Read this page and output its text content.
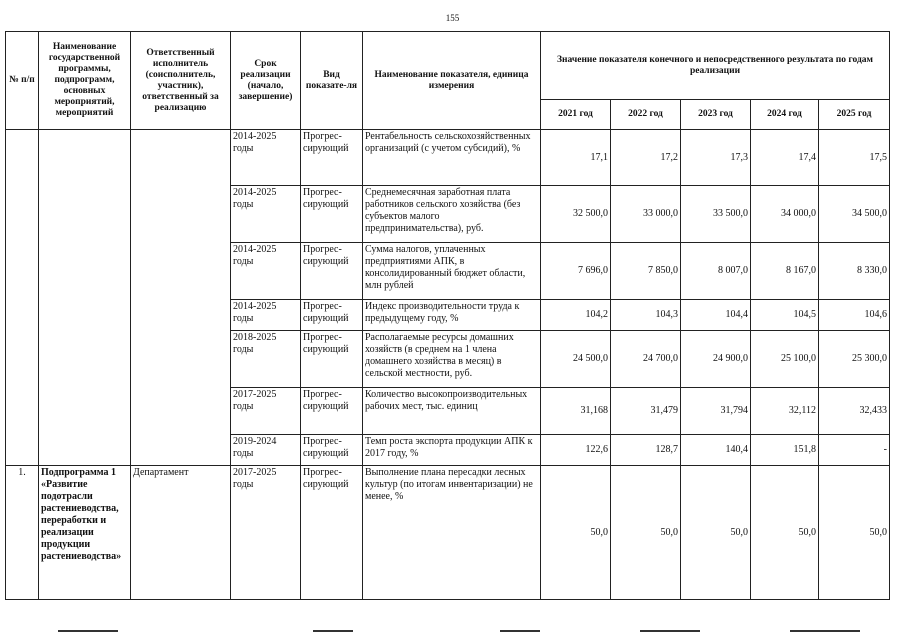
155
№ п/п	Наименование государственной программы, подпрограмм, основных мероприятий, мероприятий	Ответственный исполнитель (соисполнитель, участник), ответственный за реализацию	Срок реализации (начало, завершение)	Вид показате-ля	Наименование показателя, единица измерения	Значение показателя конечного и непосредственного результата по годам реализации				
						2021 год	2022 год	2023 год	2024 год	2025 год
			2014-2025 годы	Прогрес-сирующий	Рентабельность сельскохозяйственных организаций (с учетом субсидий), %	17,1	17,2	17,3	17,4	17,5
			2014-2025 годы	Прогрес-сирующий	Среднемесячная заработная плата работников сельского хозяйства (без субъектов малого предпринимательства), руб.	32 500,0	33 000,0	33 500,0	34 000,0	34 500,0
			2014-2025 годы	Прогрес-сирующий	Сумма налогов, уплаченных предприятиями АПК, в консолидированный бюджет области, млн рублей	7 696,0	7 850,0	8 007,0	8 167,0	8 330,0
			2014-2025 годы	Прогрес-сирующий	Индекс производительности труда к предыдущему году, %	104,2	104,3	104,4	104,5	104,6
			2018-2025 годы	Прогрес-сирующий	Располагаемые ресурсы домашних хозяйств (в среднем на 1 члена домашнего хозяйства в месяц) в сельской местности, руб.	24 500,0	24 700,0	24 900,0	25 100,0	25 300,0
			2017-2025 годы	Прогрес-сирующий	Количество высокопроизводительных рабочих мест, тыс. единиц	31,168	31,479	31,794	32,112	32,433
			2019-2024 годы	Прогрес-сирующий	Темп роста экспорта продукции АПК к 2017 году, %	122,6	128,7	140,4	151,8	-
1.	Подпрограмма 1 «Развитие подотрасли растениеводства, переработки и реализации продукции растениеводства»	Департамент	2017-2025 годы	Прогрес-сирующий	Выполнение плана пересадки лесных культур (по итогам инвентаризации) не менее, %	50,0	50,0	50,0	50,0	50,0
